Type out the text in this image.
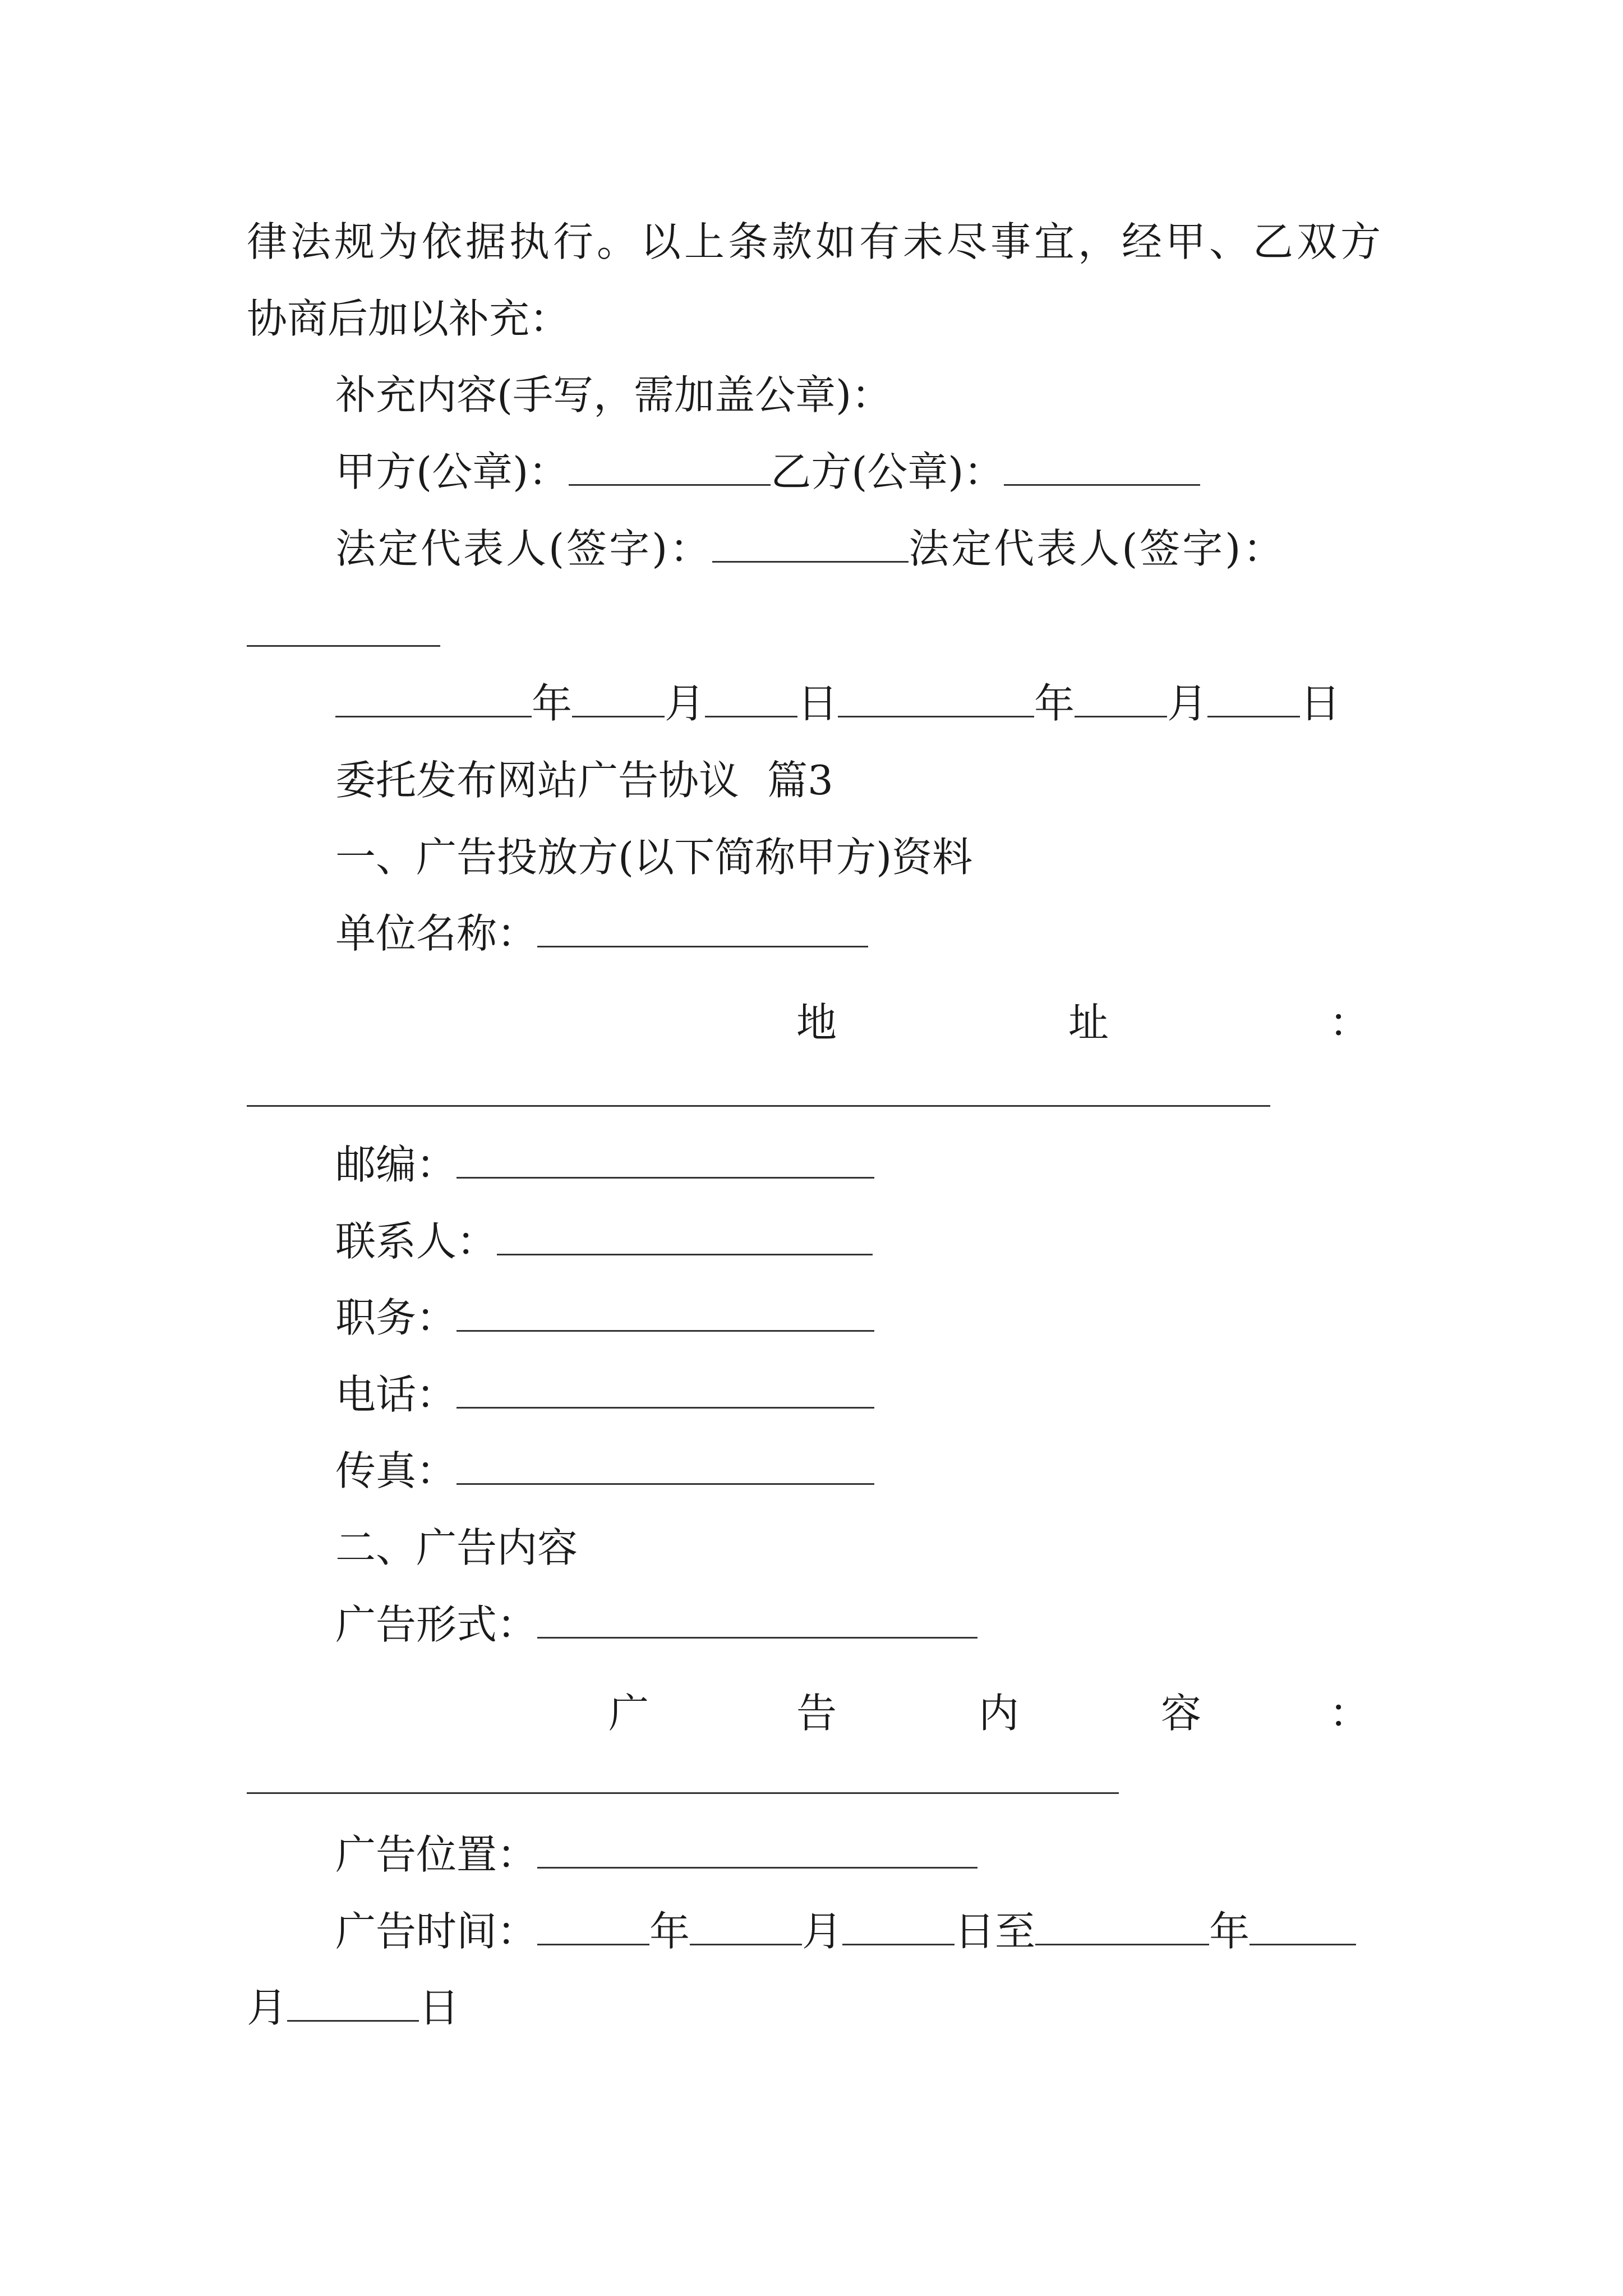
律法规为依据执行。以上条款如有未尽事宜，经甲、乙双方
协商后加以补充：
补充内容(手写，需加盖公章)：
甲方(公章)：	乙方(公章)：
法定代表人(签字)：	法定代表人(签字)：
年 月 日	年 月 日
委托发布网站广告协议 篇3
一、广告投放方(以下简称甲方)资料
单位名称：
地	址	：
邮编：
联系人：
职务：
电话：
传真：
二、广告内容
广告形式：
广	告	内	容	：
广告位置：
广告时间：	年	月	日至	年
月	日
